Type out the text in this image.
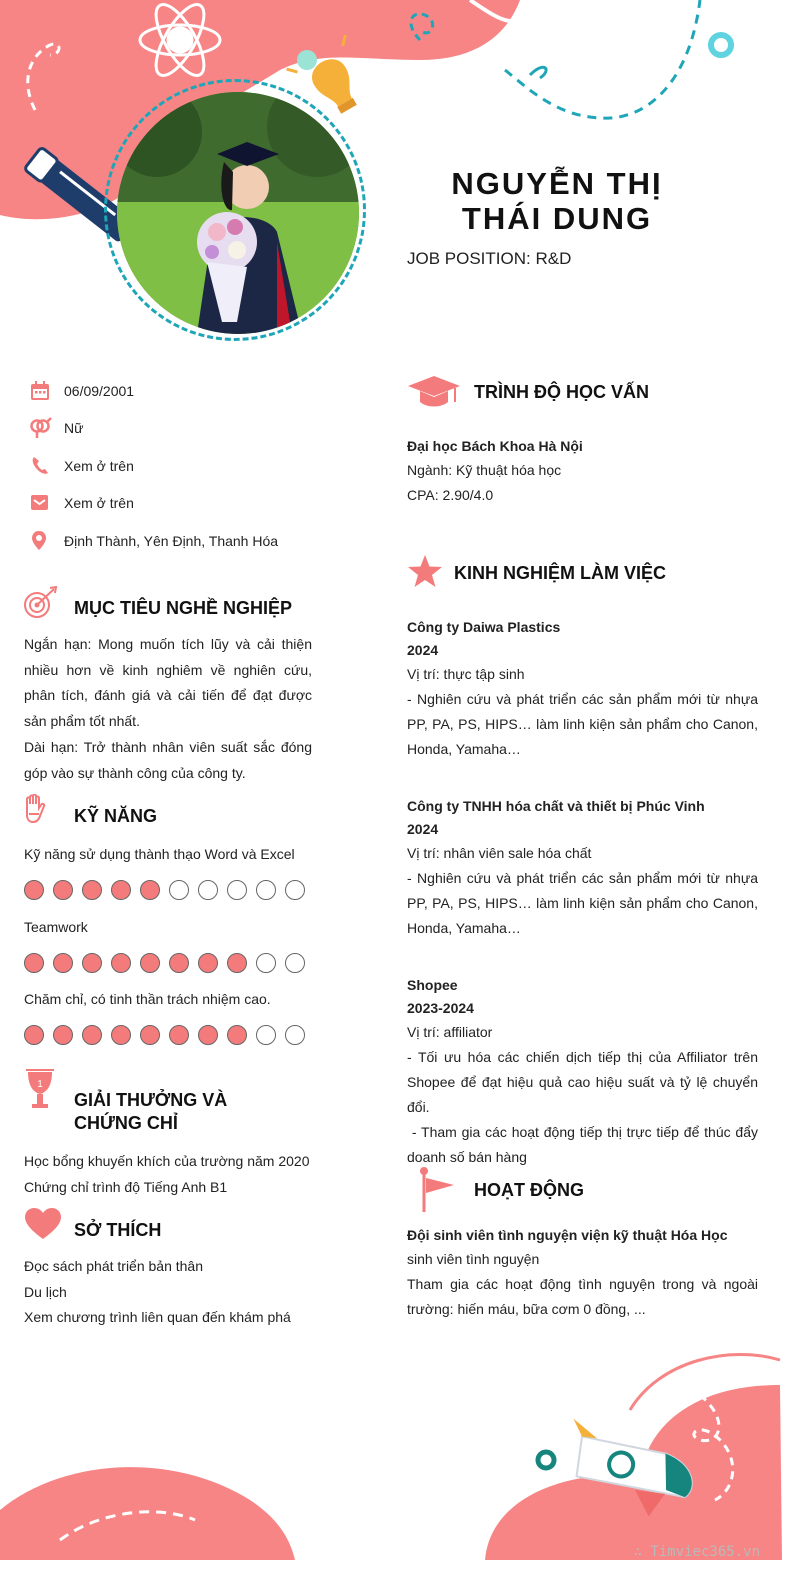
NGUYỄN THỊ THÁI DUNG
JOB POSITION: R&D
06/09/2001
Nữ
Xem ở trên
Xem ở trên
Định Thành, Yên Định, Thanh Hóa
MỤC TIÊU NGHỀ NGHIỆP

Ngắn hạn: Mong muốn tích lũy và cải thiện nhiều hơn về kinh nghiêm về nghiên cứu, phân tích, đánh giá và cải tiến để đạt được sản phẩm tốt nhất.

Dài hạn: Trở thành nhân viên suất sắc đóng góp vào sự thành công của công ty.

KỸ NĂNG
Kỹ năng sử dụng thành thạo Word và Excel
Teamwork
Chăm chỉ, có tinh thần trách nhiệm cao.
1
GIẢI THƯỞNG VÀ
CHỨNG CHỈ

Học bổng khuyến khích của trường năm 2020

Chứng chỉ trình độ Tiếng Anh B1

SỞ THÍCH

Đọc sách phát triển bản thân

Du lịch

Xem chương trình liên quan đến khám phá

TRÌNH ĐỘ HỌC VẤN
Đại học Bách Khoa Hà Nội
Ngành: Kỹ thuật hóa học
CPA: 2.90/4.0
KINH NGHIỆM LÀM VIỆC
Công ty Daiwa Plastics
2024
Vị trí: thực tập sinh
- Nghiên cứu và phát triển các sản phẩm mới từ nhựa PP, PA, PS, HIPS… làm linh kiện sản phẩm cho Canon, Honda, Yamaha…
Công ty TNHH hóa chất và thiết bị Phúc Vinh
2024
Vị trí: nhân viên sale hóa chất
- Nghiên cứu và phát triển các sản phẩm mới từ nhựa PP, PA, PS, HIPS… làm linh kiện sản phẩm cho Canon, Honda, Yamaha…
Shopee
2023-2024
Vị trí: affiliator
- Tối ưu hóa các chiến dịch tiếp thị của Affiliator trên Shopee để đạt hiệu quả cao hiệu suất và tỷ lệ chuyển đổi.
- Tham gia các hoạt động tiếp thị trực tiếp để thúc đẩy doanh số bán hàng
HOẠT ĐỘNG
Đội sinh viên tình nguyện viện kỹ thuật Hóa Học
sinh viên tình nguyện
Tham gia các hoạt động tình nguyện trong và ngoài trường: hiến máu, bữa cơm 0 đồng, ...
∴ Timviec365.vn
